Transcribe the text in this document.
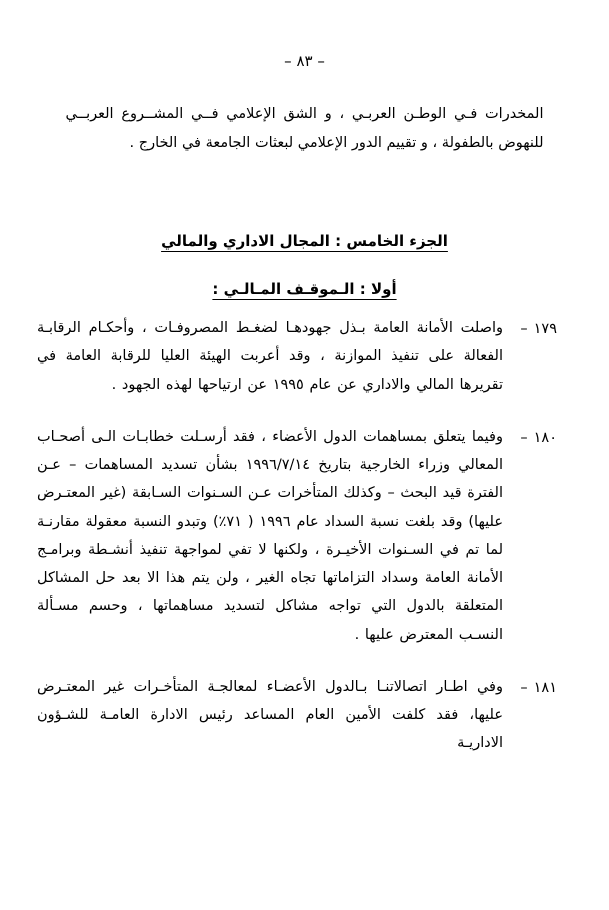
– ٨٣ –
المخدرات فـي الوطـن العربـي ، و الشق الإعلامي فــي المشــروع العربــي للنهوض بالطفولة ، و تقييم الدور الإعلامي لبعثات الجامعة في الخارج .
الجزء الخامس : المجال الاداري والمالي
أولا : الـموقـف المـالـي :
١٧٩–
واصلت الأمانة العامة بـذل جهودهـا لضغـط المصروفـات ، وأحكـام الرقابـة الفعالة على تنفيذ الموازنة ، وقد أعربت الهيئة العليا للرقابة العامة في تقريرها المالي والاداري عن عام ١٩٩٥ عن ارتياحها لهذه الجهود .
١٨٠–
وفيما يتعلق بمساهمات الدول الأعضاء ، فقد أرسـلت خطابـات الـى أصحـاب المعالي وزراء الخارجية بتاريخ ١٩٩٦/٧/١٤ بشأن تسديد المساهمات – عـن الفترة قيد البحث – وكذلك المتأخرات عـن السـنوات السـابقة (غير المعتـرض عليها) وقد بلغت نسبة السداد عام ١٩٩٦ ( ٧١٪) وتبدو النسبة معقولة مقارنـة لما تم في السـنوات الأخيـرة ، ولكنها لا تفي لمواجهة تنفيذ أنشـطة وبرامـج الأمانة العامة وسداد التزاماتها تجاه الغير ، ولن يتم هذا الا بعد حل المشاكل المتعلقة بالدول التي تواجه مشاكل لتسديد مساهماتها ، وحسم مسـألة النسـب المعترض عليها .
١٨١–
وفي اطـار اتصالاتنـا بـالدول الأعضـاء لمعالجـة المتأخـرات غير المعتـرض عليها، فقد كلفت الأمين العام المساعد رئيس الادارة العامـة للشـؤون الاداريـة
